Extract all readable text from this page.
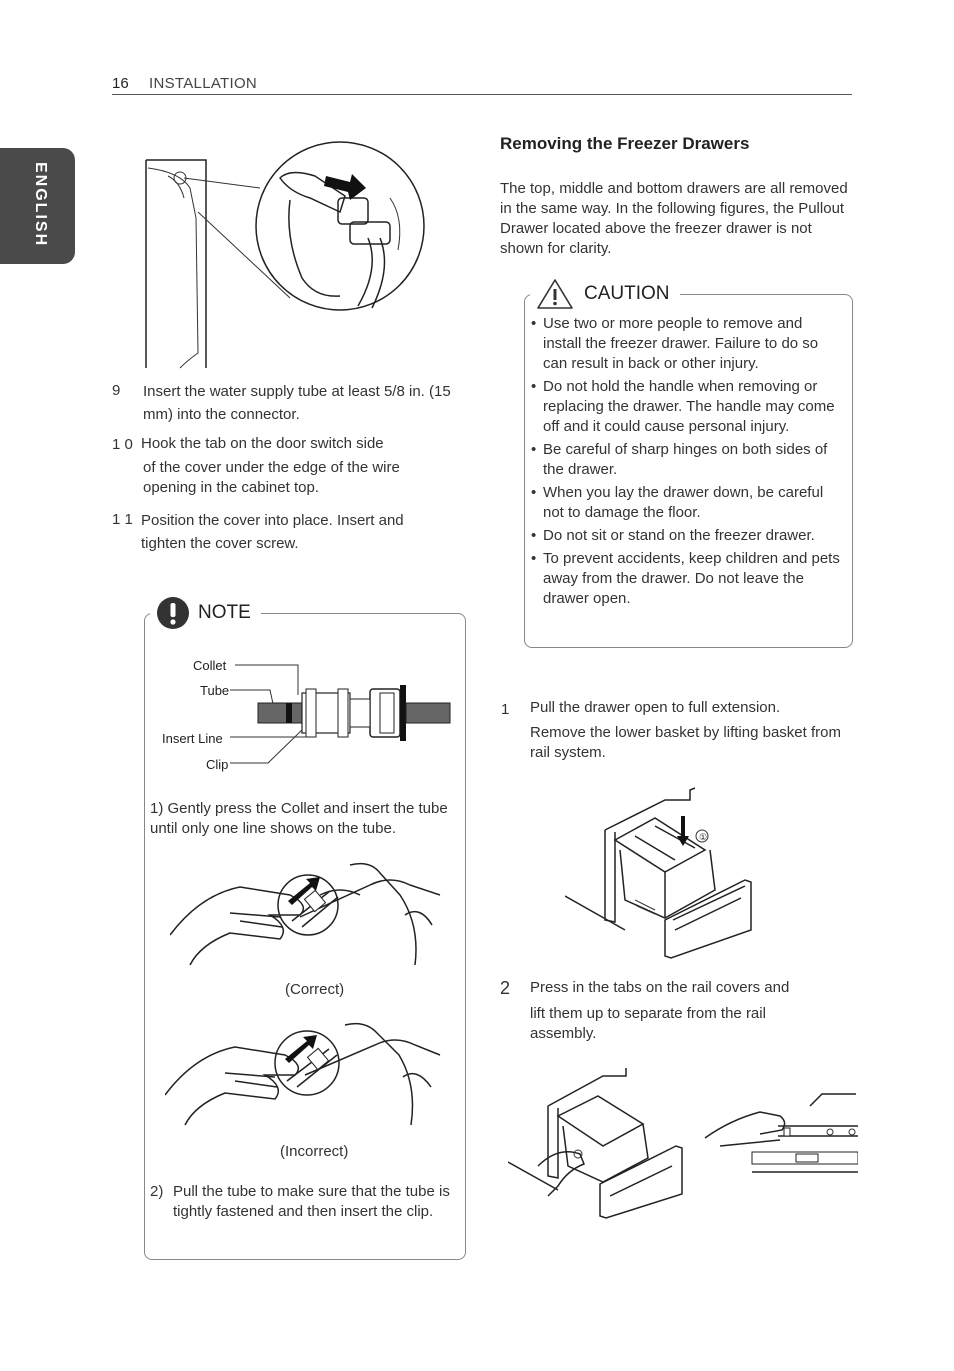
16 INSTALLATION
ENGLISH
9 Insert the water supply tube at least 5/8 in. (15 mm) into the connector.
1 0 Hook the tab on the door switch side
of the cover under the edge of the wire opening in the cabinet top.
1 1 Position the cover into place. Insert and tighten the cover screw.
NOTE
Collet
Tube
Insert Line
Clip
1) Gently press the Collet and insert the tube until only one line shows on the tube.
(Correct)
(Incorrect)
2) Pull the tube to make sure that the tube is tightly fastened and then insert the clip.
Removing the Freezer Drawers
The top, middle and bottom drawers are all removed in the same way. In the following figures, the Pullout Drawer located above the freezer drawer is not shown for clarity.
CAUTION
• Use two or more people to remove and install the freezer drawer. Failure to do so can result in back or other injury.
• Do not hold the handle when removing or replacing the drawer. The handle may come off and it could cause personal injury.
• Be careful of sharp hinges on both sides of the drawer.
• When you lay the drawer down, be careful not to damage the floor.
• Do not sit or stand on the freezer drawer.
• To prevent accidents, keep children and pets away from the drawer. Do not leave the drawer open.
1 Pull the drawer open to full extension.
Remove the lower basket by lifting basket from rail system.
①
2 Press in the tabs on the rail covers and
lift them up to separate from the rail assembly.
